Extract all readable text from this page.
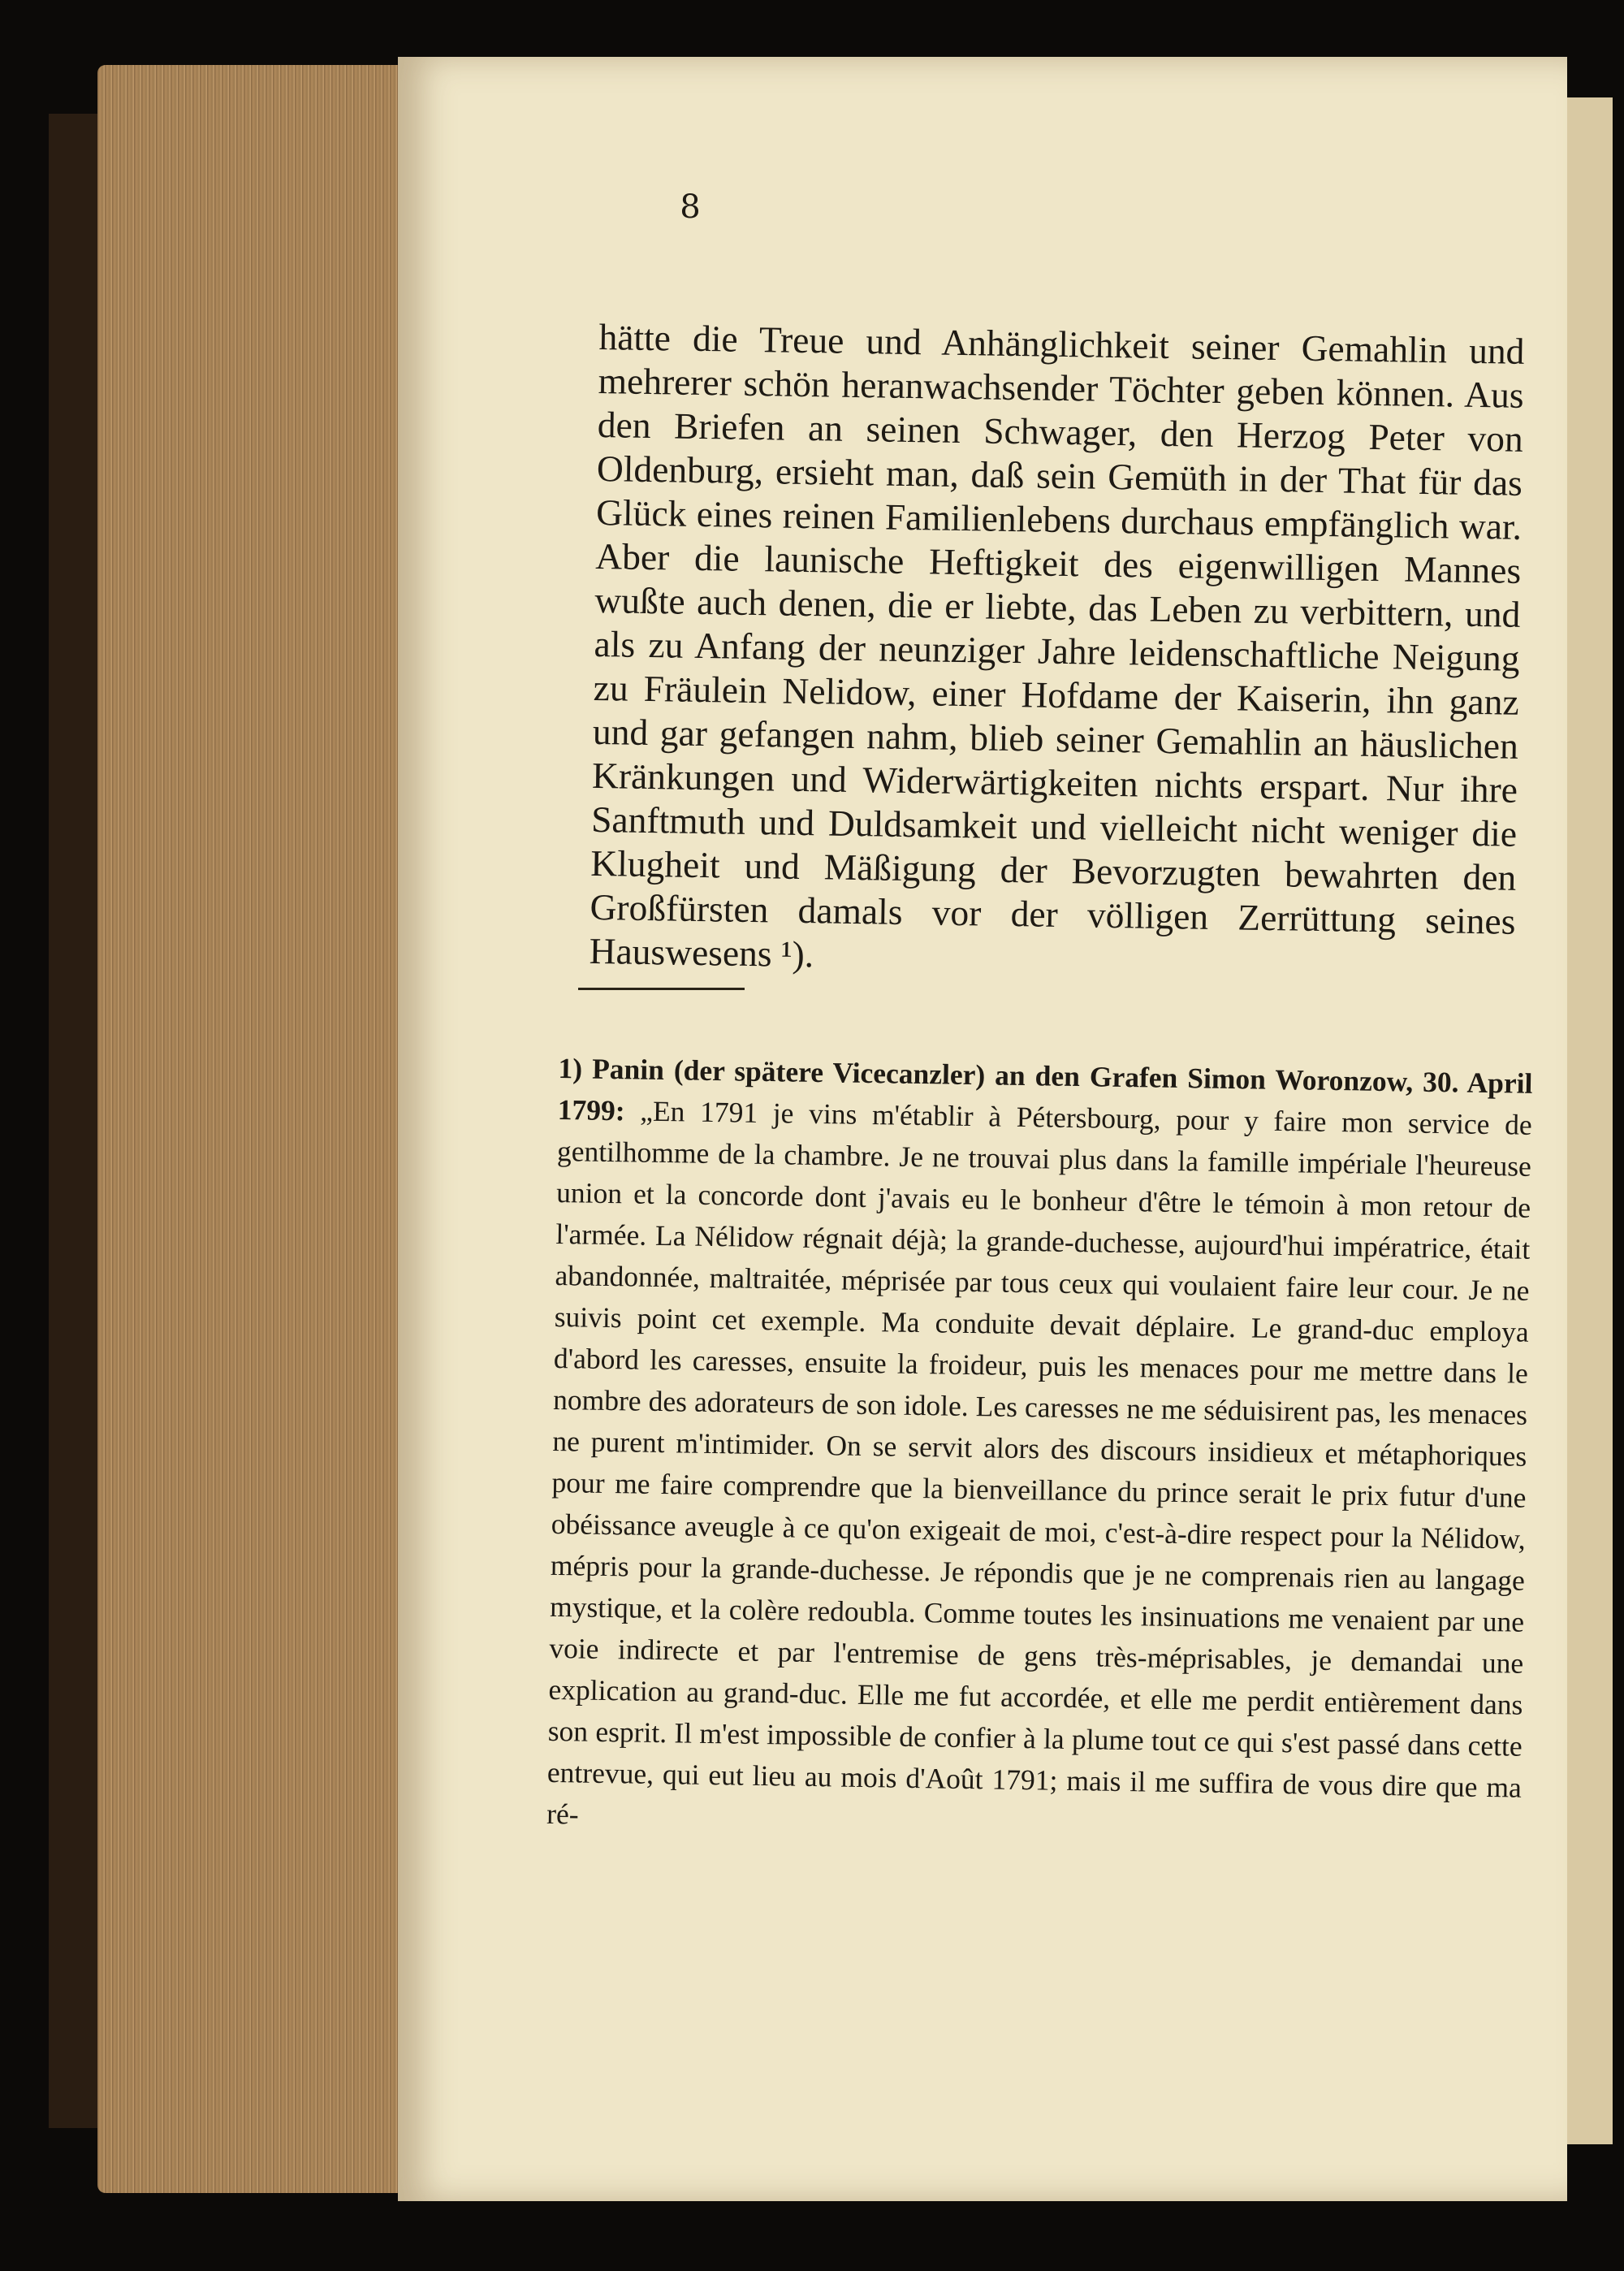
8

hätte die Treue und Anhänglichkeit seiner Gemahlin und mehrerer schön heranwachsender Töchter geben können. Aus den Briefen an seinen Schwager, den Herzog Peter von Oldenburg, ersieht man, daß sein Gemüth in der That für das Glück eines reinen Familienlebens durchaus empfänglich war. Aber die launische Heftigkeit des eigenwilligen Mannes wußte auch denen, die er liebte, das Leben zu verbittern, und als zu Anfang der neunziger Jahre leidenschaftliche Neigung zu Fräulein Nelidow, einer Hofdame der Kaiserin, ihn ganz und gar gefangen nahm, blieb seiner Gemahlin an häuslichen Kränkungen und Widerwärtigkeiten nichts erspart. Nur ihre Sanftmuth und Duldsamkeit und vielleicht nicht weniger die Klugheit und Mäßigung der Bevorzugten bewahrten den Großfürsten damals vor der völligen Zerrüttung seines Hauswesens ¹).

1) Panin (der spätere Vicecanzler) an den Grafen Simon Woronzow, 30. April 1799: „En 1791 je vins m'établir à Pétersbourg, pour y faire mon service de gentilhomme de la chambre. Je ne trouvai plus dans la famille impériale l'heureuse union et la concorde dont j'avais eu le bonheur d'être le témoin à mon retour de l'armée. La Nélidow régnait déjà; la grande-duchesse, aujourd'hui impératrice, était abandonnée, maltraitée, méprisée par tous ceux qui voulaient faire leur cour. Je ne suivis point cet exemple. Ma conduite devait déplaire. Le grand-duc employa d'abord les caresses, ensuite la froideur, puis les menaces pour me mettre dans le nombre des adorateurs de son idole. Les caresses ne me séduisirent pas, les menaces ne purent m'intimider. On se servit alors des discours insidieux et métaphoriques pour me faire comprendre que la bienveillance du prince serait le prix futur d'une obéissance aveugle à ce qu'on exigeait de moi, c'est-à-dire respect pour la Nélidow, mépris pour la grande-duchesse. Je répondis que je ne comprenais rien au langage mystique, et la colère redoubla. Comme toutes les insinuations me venaient par une voie indirecte et par l'entremise de gens très-méprisables, je demandai une explication au grand-duc. Elle me fut accordée, et elle me perdit entièrement dans son esprit. Il m'est impossible de confier à la plume tout ce qui s'est passé dans cette entrevue, qui eut lieu au mois d'Août 1791; mais il me suffira de vous dire que ma ré-
